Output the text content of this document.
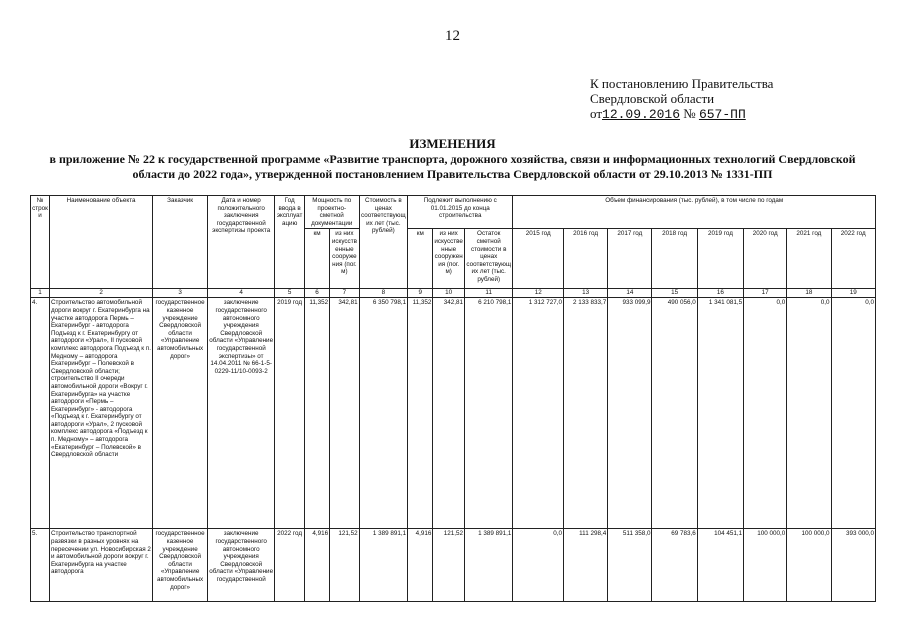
12
К постановлению Правительства
Свердловской области
от12.09.2016 № 657-ПП
ИЗМЕНЕНИЯ
в приложение № 22 к государственной программе «Развитие транспорта, дорожного хозяйства, связи и информационных технологий Свердловской области до 2022 года», утвержденной постановлением Правительства Свердловской области от 29.10.2013 № 1331-ПП
№ строки	Наименование объекта	Заказчик	Дата и номер положительного заключения государственной экспертизы проекта	Год ввода в эксплуатацию	Мощность по проектно-сметной документации		Стоимость в ценах соответствующих лет (тыс. рублей)	Подлежит выполнению с 01.01.2015 до конца строительства			Объем финансирования (тыс. рублей), в том числе по годам							
					км	из них искусственные сооружения (пог. м)		км	из них искусственные сооружения (пог. м)	Остаток сметной стоимости в ценах соответствующих лет (тыс. рублей)	2015 год	2016 год	2017 год	2018 год	2019 год	2020 год	2021 год	2022 год
1	2	3	4	5	6	7	8	9	10	11	12	13	14	15	16	17	18	19
4.	Строительство автомобильной дороги вокруг г. Екатеринбурга на участке автодорога Пермь – Екатеринбург - автодорога Подъезд к г. Екатеринбургу от автодороги «Урал», II пусковой комплекс автодорога Подъезд к п. Медному – автодорога Екатеринбург – Полевской в Свердловской области; строительство II очереди автомобильной дороги «Вокруг г. Екатеринбурга» на участке автодороги «Пермь – Екатеринбург» - автодорога «Подъезд к г. Екатеринбургу от автодороги «Урал», 2 пусковой комплекс автодорога «Подъезд к п. Медному» – автодорога «Екатеринбург – Полевской» в Свердловской области	государственное казенное учреждение Свердловской области «Управление автомобильных дорог»	заключение государственного автономного учреждения Свердловской области «Управление государственной экспертизы» от 14.04.2011 № 66-1-5-0229-11/10-0093-2	2019 год	11,352	342,81	6 350 798,1	11,352	342,81	6 210 798,1	1 312 727,0	2 133 833,7	933 099,9	490 056,0	1 341 081,5	0,0	0,0	0,0
5.	Строительство транспортной развязки в разных уровнях на пересечении ул. Новосибирская 2 и автомобильной дороги вокруг г. Екатеринбурга на участке автодорога	государственное казенное учреждение Свердловской области «Управление автомобильных дорог»	заключение государственного автономного учреждения Свердловской области «Управление государственной	2022 год	4,916	121,52	1 389 891,1	4,916	121,52	1 389 891,1	0,0	111 298,4	511 358,0	69 783,6	104 451,1	100 000,0	100 000,0	393 000,0
